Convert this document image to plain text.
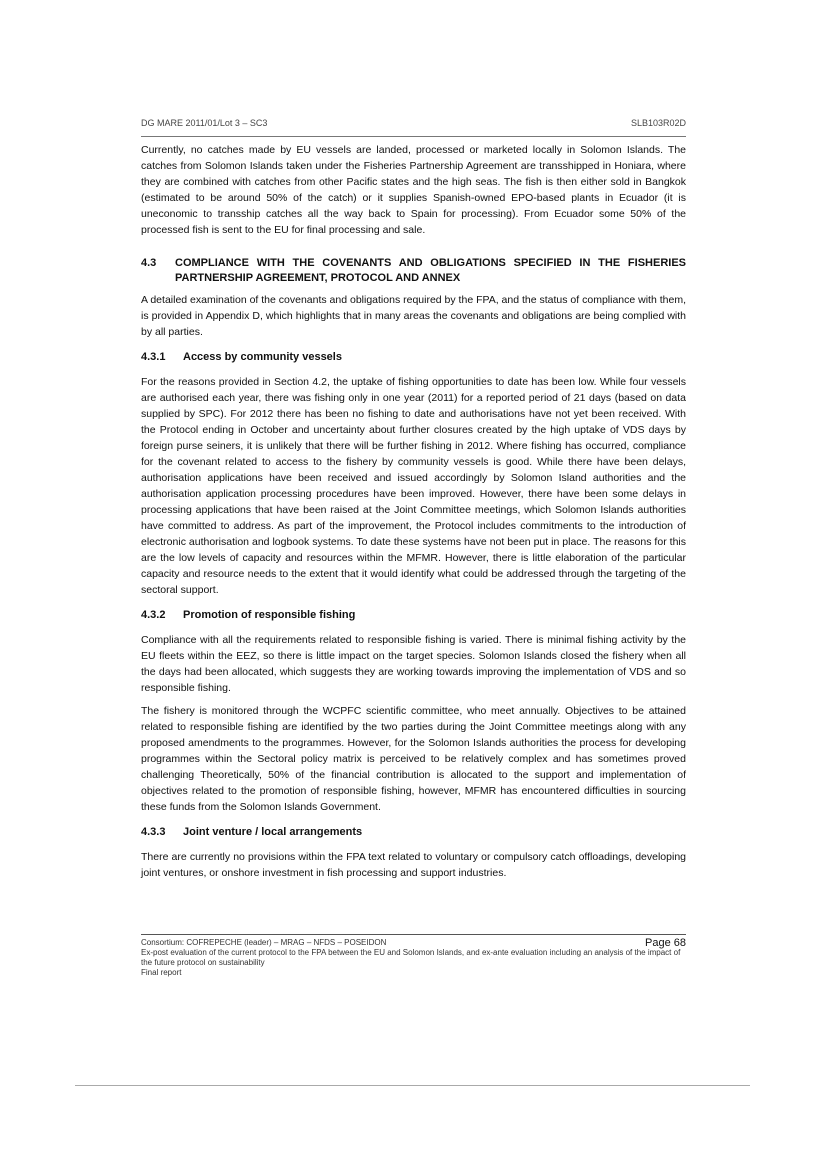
DG MARE 2011/01/Lot 3 – SC3	SLB103R02D

Currently, no catches made by EU vessels are landed, processed or marketed locally in Solomon Islands. The catches from Solomon Islands taken under the Fisheries Partnership Agreement are transshipped in Honiara, where they are combined with catches from other Pacific states and the high seas. The fish is then either sold in Bangkok (estimated to be around 50% of the catch) or it supplies Spanish-owned EPO-based plants in Ecuador (it is uneconomic to transship catches all the way back to Spain for processing). From Ecuador some 50% of the processed fish is sent to the EU for final processing and sale.

4.3	COMPLIANCE WITH THE COVENANTS AND OBLIGATIONS SPECIFIED IN THE FISHERIES PARTNERSHIP AGREEMENT, PROTOCOL AND ANNEX

A detailed examination of the covenants and obligations required by the FPA, and the status of compliance with them, is provided in Appendix D, which highlights that in many areas the covenants and obligations are being complied with by all parties.

4.3.1	Access by community vessels

For the reasons provided in Section 4.2, the uptake of fishing opportunities to date has been low. While four vessels are authorised each year, there was fishing only in one year (2011) for a reported period of 21 days (based on data supplied by SPC). For 2012 there has been no fishing to date and authorisations have not yet been received. With the Protocol ending in October and uncertainty about further closures created by the high uptake of VDS days by foreign purse seiners, it is unlikely that there will be further fishing in 2012. Where fishing has occurred, compliance for the covenant related to access to the fishery by community vessels is good. While there have been delays, authorisation applications have been received and issued accordingly by Solomon Island authorities and the authorisation application processing procedures have been improved. However, there have been some delays in processing applications that have been raised at the Joint Committee meetings, which Solomon Islands authorities have committed to address. As part of the improvement, the Protocol includes commitments to the introduction of electronic authorisation and logbook systems. To date these systems have not been put in place. The reasons for this are the low levels of capacity and resources within the MFMR. However, there is little elaboration of the particular capacity and resource needs to the extent that it would identify what could be addressed through the targeting of the sectoral support.

4.3.2	Promotion of responsible fishing

Compliance with all the requirements related to responsible fishing is varied. There is minimal fishing activity by the EU fleets within the EEZ, so there is little impact on the target species. Solomon Islands closed the fishery when all the days had been allocated, which suggests they are working towards improving the implementation of VDS and so responsible fishing.

The fishery is monitored through the WCPFC scientific committee, who meet annually. Objectives to be attained related to responsible fishing are identified by the two parties during the Joint Committee meetings along with any proposed amendments to the programmes. However, for the Solomon Islands authorities the process for developing programmes within the Sectoral policy matrix is perceived to be relatively complex and has sometimes proved challenging Theoretically, 50% of the financial contribution is allocated to the support and implementation of objectives related to the promotion of responsible fishing, however, MFMR has encountered difficulties in sourcing these funds from the Solomon Islands Government.

4.3.3	Joint venture / local arrangements

There are currently no provisions within the FPA text related to voluntary or compulsory catch offloadings, developing joint ventures, or onshore investment in fish processing and support industries.

Consortium: COFREPECHE (leader) – MRAG – NFDS – POSEIDON	Page 68
Ex-post evaluation of the current protocol to the FPA between the EU and Solomon Islands, and ex-ante evaluation including an analysis of the impact of the future protocol on sustainability
Final report
